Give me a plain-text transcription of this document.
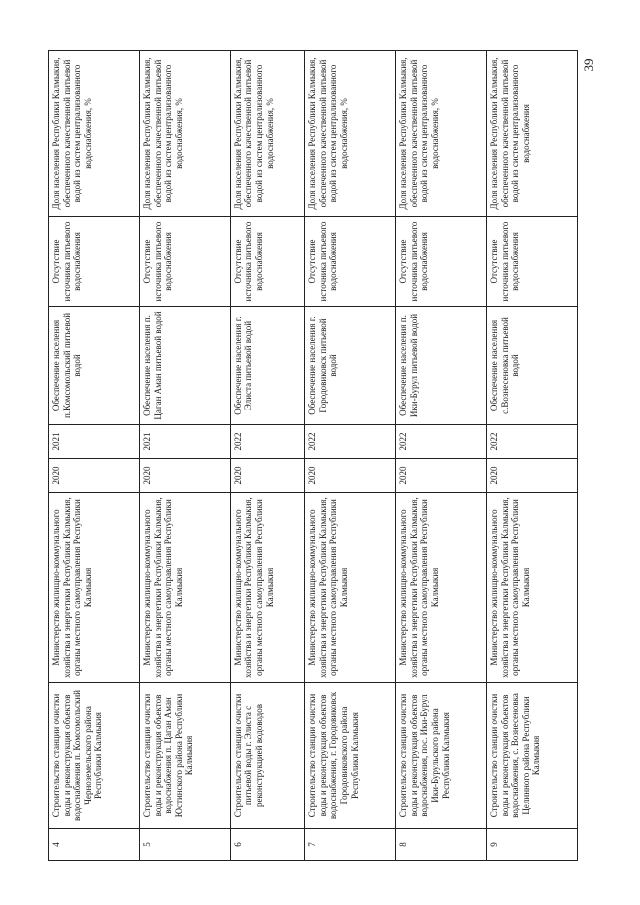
4	Строительство станции очистки воды и реконструкция объектов водоснабжения п. Комсомольский Черноземельского района Республики Калмыкия	Министерство жилищно-коммунального хозяйства и энергетики Республики Калмыкия, органы местного самоуправления Республики Калмыкия	2020	2021	Обеспечение населения п.Комсомольский питьевой водой	Отсутствие источника питьевого водоснабжения	Доля населения Республики Калмыкия, обеспеченного качественной питьевой водой из систем централизованного водоснабжения, %
5	Строительство станции очистки воды и реконструкция объектов водоснабжения п. Цаган Аман Юстинского района Республики Калмыкия	Министерство жилищно-коммунального хозяйства и энергетики Республики Калмыкия, органы местного самоуправления Республики Калмыкия	2020	2021	Обеспечение населения п. Цаган Аман питьевой водой	Отсутствие источника питьевого водоснабжения	Доля населения Республики Калмыкия, обеспеченного качественной питьевой водой из систем централизованного водоснабжения, %
6	Строительство станции очистки питьевой воды г. Элиста с реконструкцией водоводов	Министерство жилищно-коммунального хозяйства и энергетики Республики Калмыкия, органы местного самоуправления Республики Калмыкия	2020	2022	Обеспечение населения г. Элиста питьевой водой	Отсутствие источника питьевого водоснабжения	Доля населения Республики Калмыкия, обеспеченного качественной питьевой водой из систем централизованного водоснабжения, %
7	Строительство станции очистки воды и реконструкция объектов водоснабжения, г. Городовиковск Городовиковского района Республики Калмыкия	Министерство жилищно-коммунального хозяйства и энергетики Республики Калмыкия, органы местного самоуправления Республики Калмыкия	2020	2022	Обеспечение населения г. Городовиковск питьевой водой	Отсутствие источника питьевого водоснабжения	Доля населения Республики Калмыкия, обеспеченного качественной питьевой водой из систем централизованного водоснабжения, %
8	Строительство станции очистки воды и реконструкция объектов водоснабжения, пос. Ики-Бурул Ики-Бурульского района Республики Калмыкия	Министерство жилищно-коммунального хозяйства и энергетики Республики Калмыкия, органы местного самоуправления Республики Калмыкия	2020	2022	Обеспечение населения п. Ики-Бурул питьевой водой	Отсутствие источника питьевого водоснабжения	Доля населения Республики Калмыкия, обеспеченного качественной питьевой водой из систем централизованного водоснабжения, %
9	Строительство станции очистки воды и реконструкция объектов водоснабжения, с. Вознесеновка Целинного района Республики Калмыкия	Министерство жилищно-коммунального хозяйства и энергетики Республики Калмыкия, органы местного самоуправления Республики Калмыкия	2020	2022	Обеспечение населения с.Вознесеновка питьевой водой	Отсутствие источника питьевого водоснабжения	Доля населения Республики Калмыкия, обеспеченного качественной питьевой водой из систем централизованного водоснабжения
39
